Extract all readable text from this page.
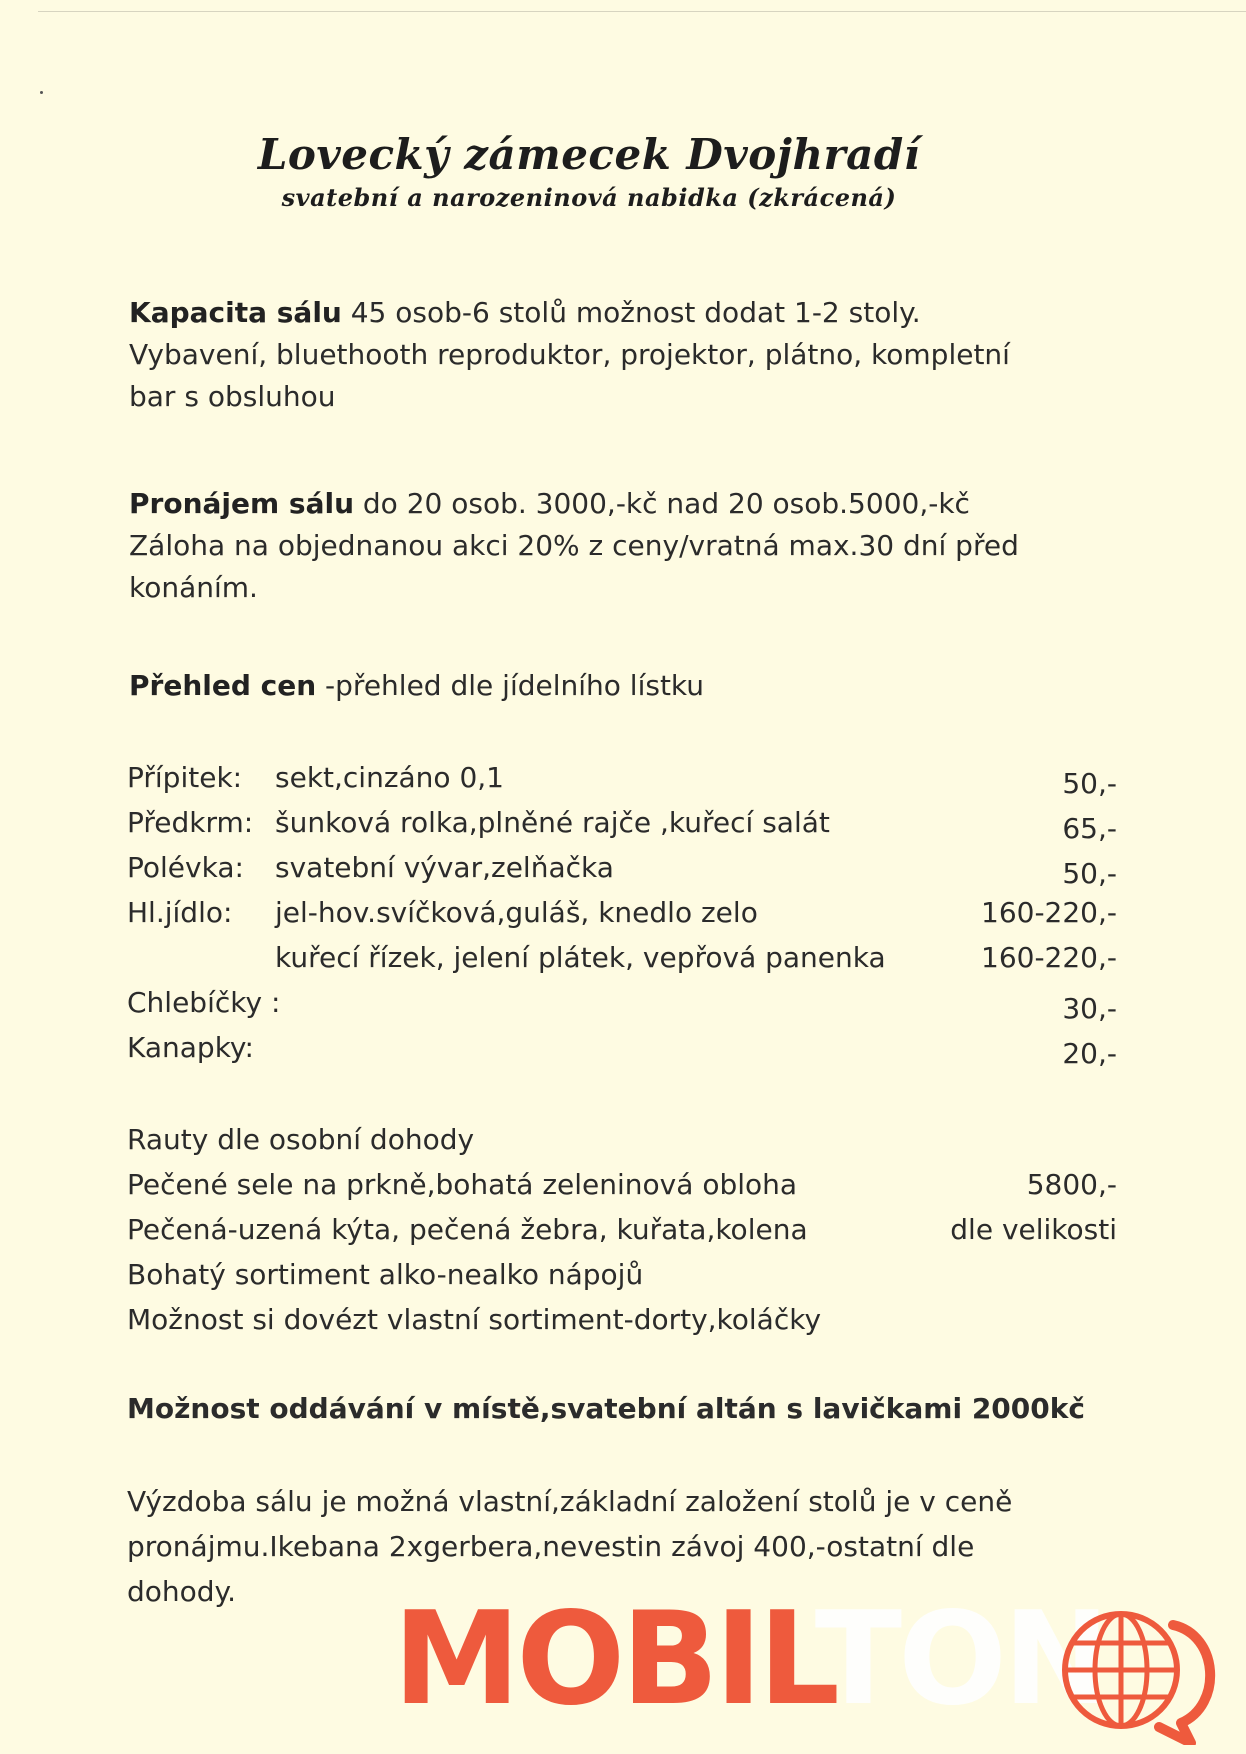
Lovecký zámecek Dvojhradí
svatební a narozeninová nabidka (zkrácená)

Kapacita sálu 45 osob-6 stolů možnost dodat 1-2 stoly.

Vybavení, bluethooth reproduktor, projektor, plátno, kompletní

bar s obsluhou

Pronájem sálu do 20 osob. 3000,-kč nad 20 osob.5000,-kč

Záloha na objednanou akci 20% z ceny/vratná max.30 dní před

konáním.

Přehled cen -přehled dle jídelního lístku

Přípitek: sekt,cinzáno 0,1	50,-
Předkrm: šunková rolka,plněné rajče ,kuřecí salát	65,-
Polévka: svatební vývar,zelňačka	50,-
Hl.jídlo: jel-hov.svíčková,guláš, knedlo zelo	160-220,-
kuřecí řízek, jelení plátek, vepřová panenka	160-220,-
Chlebíčky :	30,-
Kanapky:	20,-
Rauty dle osobní dohody
Pečené sele na prkně,bohatá zeleninová obloha	5800,-
Pečená-uzená kýta, pečená žebra, kuřata,kolena	dle velikosti
Bohatý sortiment alko-nealko nápojů
Možnost si dovézt vlastní sortiment-dorty,koláčky
Možnost oddávání v místě,svatební altán s lavičkami 2000kč
Výzdoba sálu je možná vlastní,základní založení stolů je v ceně
pronájmu.Ikebana 2xgerbera,nevestin závoj 400,-ostatní dle
dohody.	MOBILTON
